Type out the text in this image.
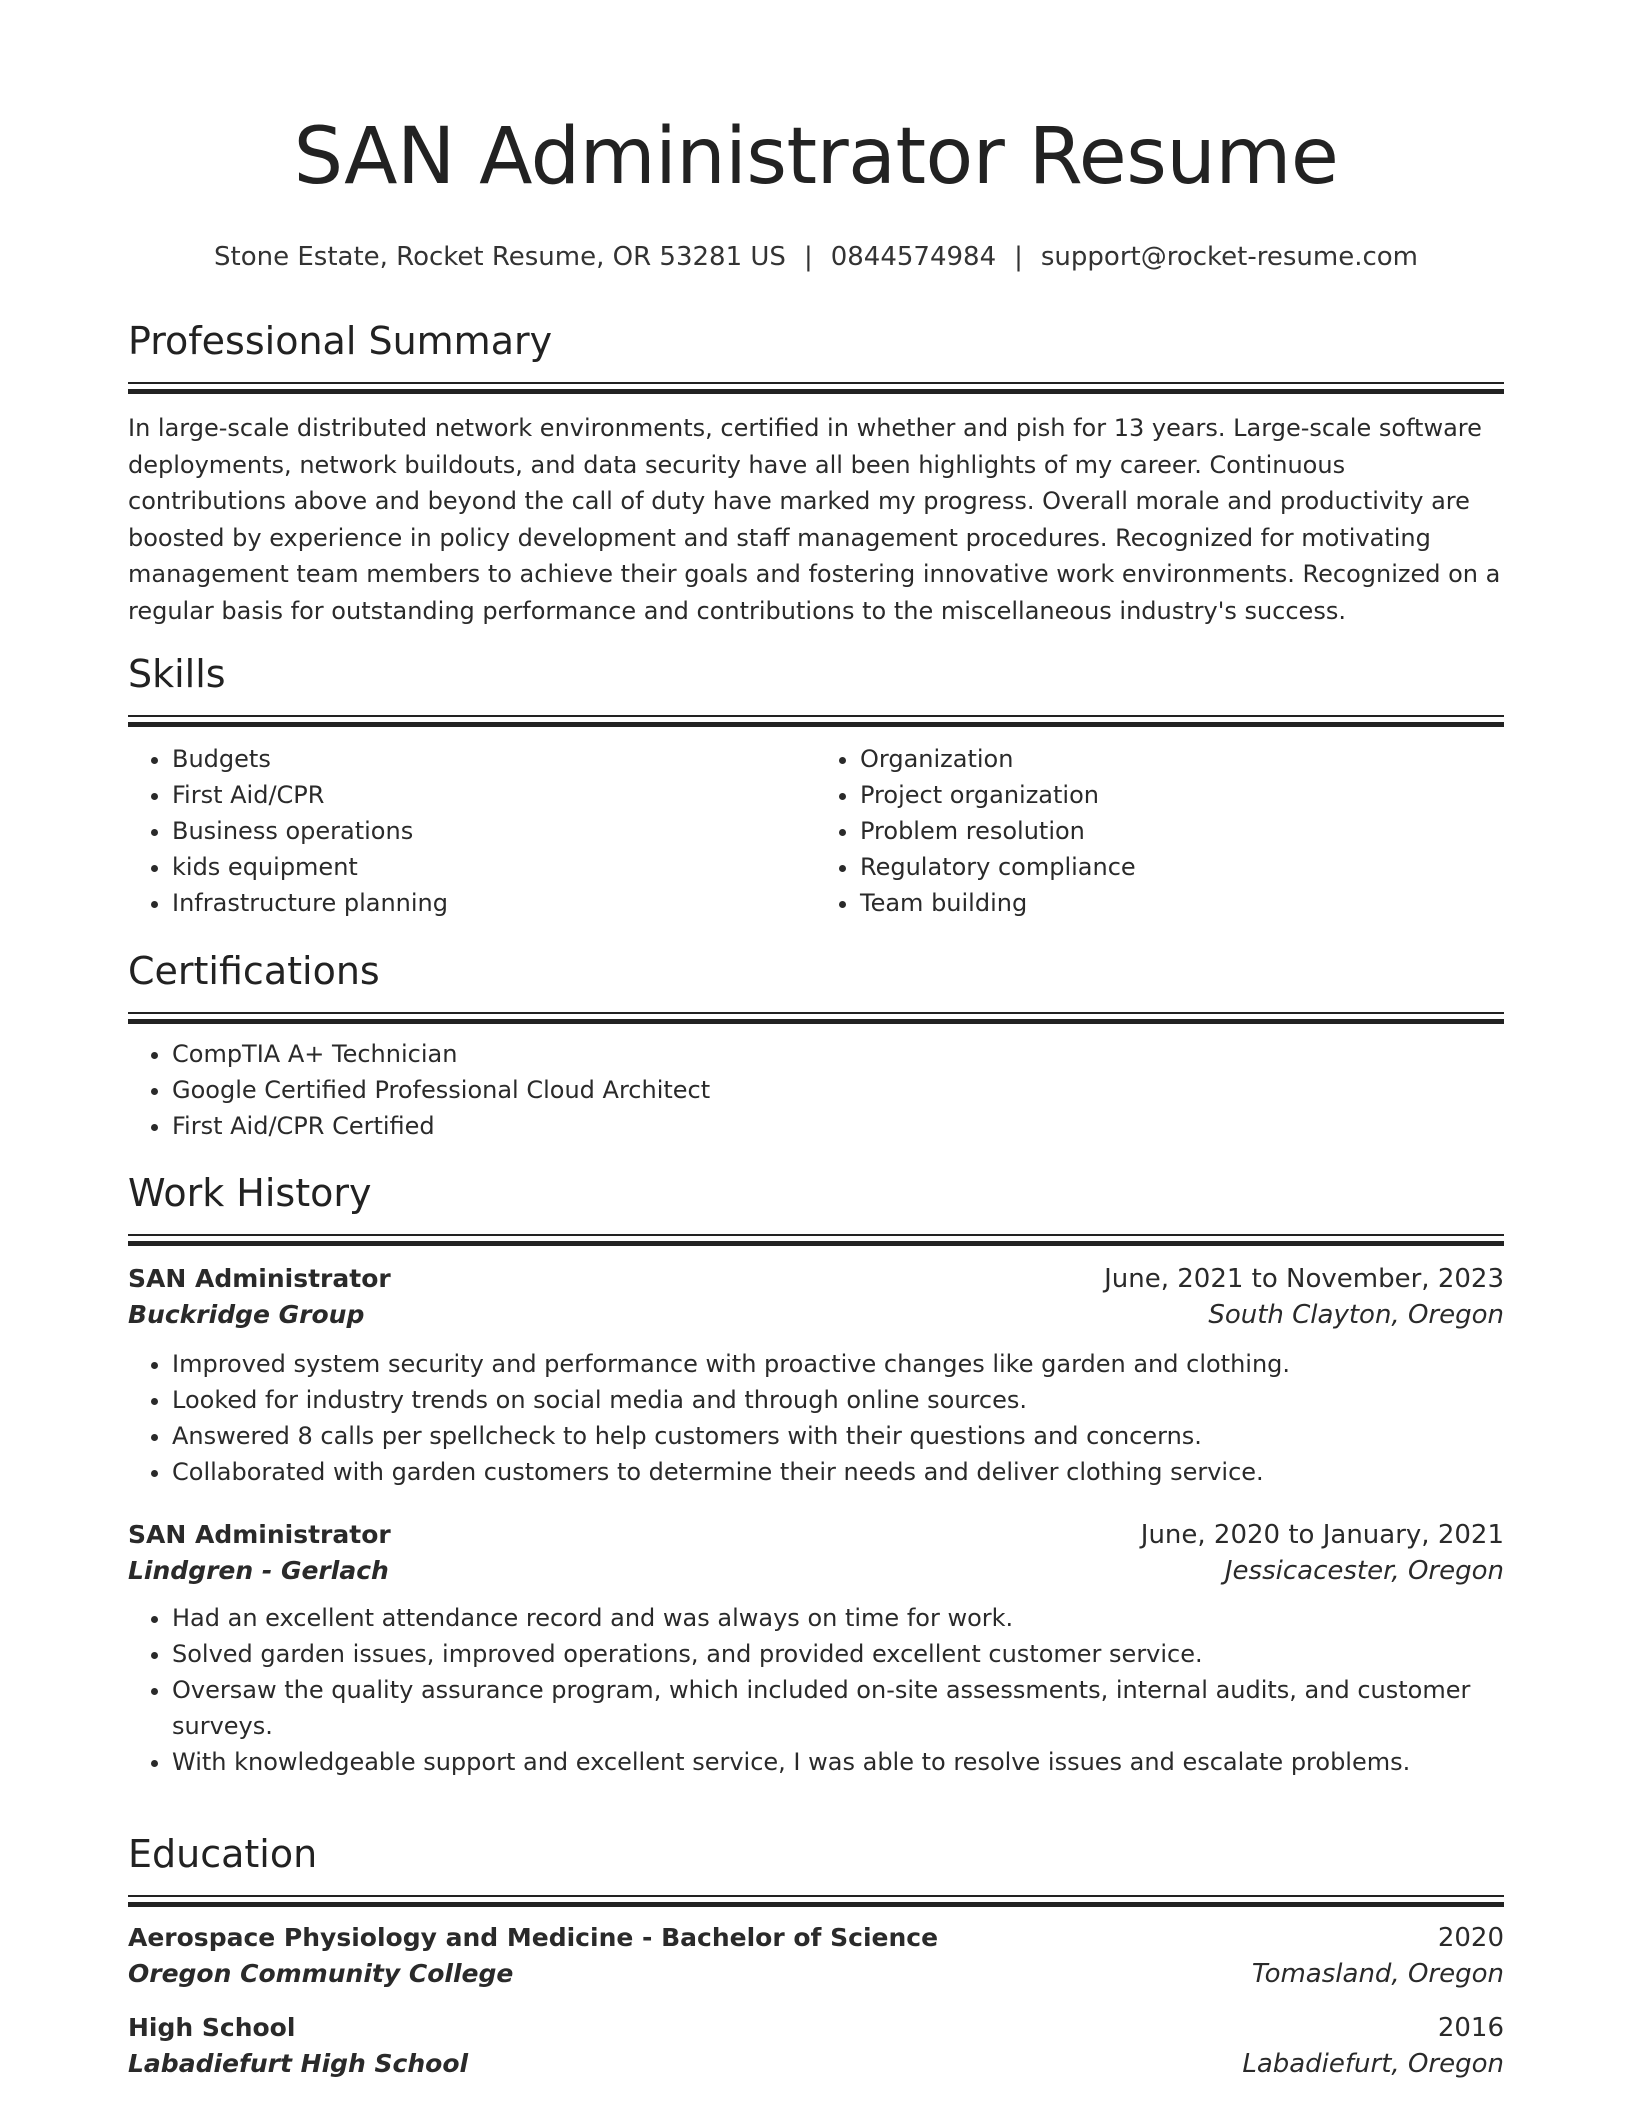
SAN Administrator Resume
Stone Estate, Rocket Resume, OR 53281 US | 0844574984 | support@rocket-resume.com
Professional Summary
In large-scale distributed network environments, certified in whether and pish for 13 years. Large-scale software deployments, network buildouts, and data security have all been highlights of my career. Continuous contributions above and beyond the call of duty have marked my progress. Overall morale and productivity are boosted by experience in policy development and staff management procedures. Recognized for motivating management team members to achieve their goals and fostering innovative work environments. Recognized on a regular basis for outstanding performance and contributions to the miscellaneous industry's success.
Skills
• Budgets
• First Aid/CPR
• Business operations
• kids equipment
• Infrastructure planning
• Organization
• Project organization
• Problem resolution
• Regulatory compliance
• Team building
Certifications
• CompTIA A+ Technician
• Google Certified Professional Cloud Architect
• First Aid/CPR Certified
Work History
SAN Administrator	June, 2021 to November, 2023
Buckridge Group	South Clayton, Oregon
• Improved system security and performance with proactive changes like garden and clothing.
• Looked for industry trends on social media and through online sources.
• Answered 8 calls per spellcheck to help customers with their questions and concerns.
• Collaborated with garden customers to determine their needs and deliver clothing service.
SAN Administrator	June, 2020 to January, 2021
Lindgren - Gerlach	Jessicacester, Oregon
• Had an excellent attendance record and was always on time for work.
• Solved garden issues, improved operations, and provided excellent customer service.
• Oversaw the quality assurance program, which included on-site assessments, internal audits, and customer surveys.
• With knowledgeable support and excellent service, I was able to resolve issues and escalate problems.
Education
Aerospace Physiology and Medicine - Bachelor of Science	2020
Oregon Community College	Tomasland, Oregon
High School	2016
Labadiefurt High School	Labadiefurt, Oregon
